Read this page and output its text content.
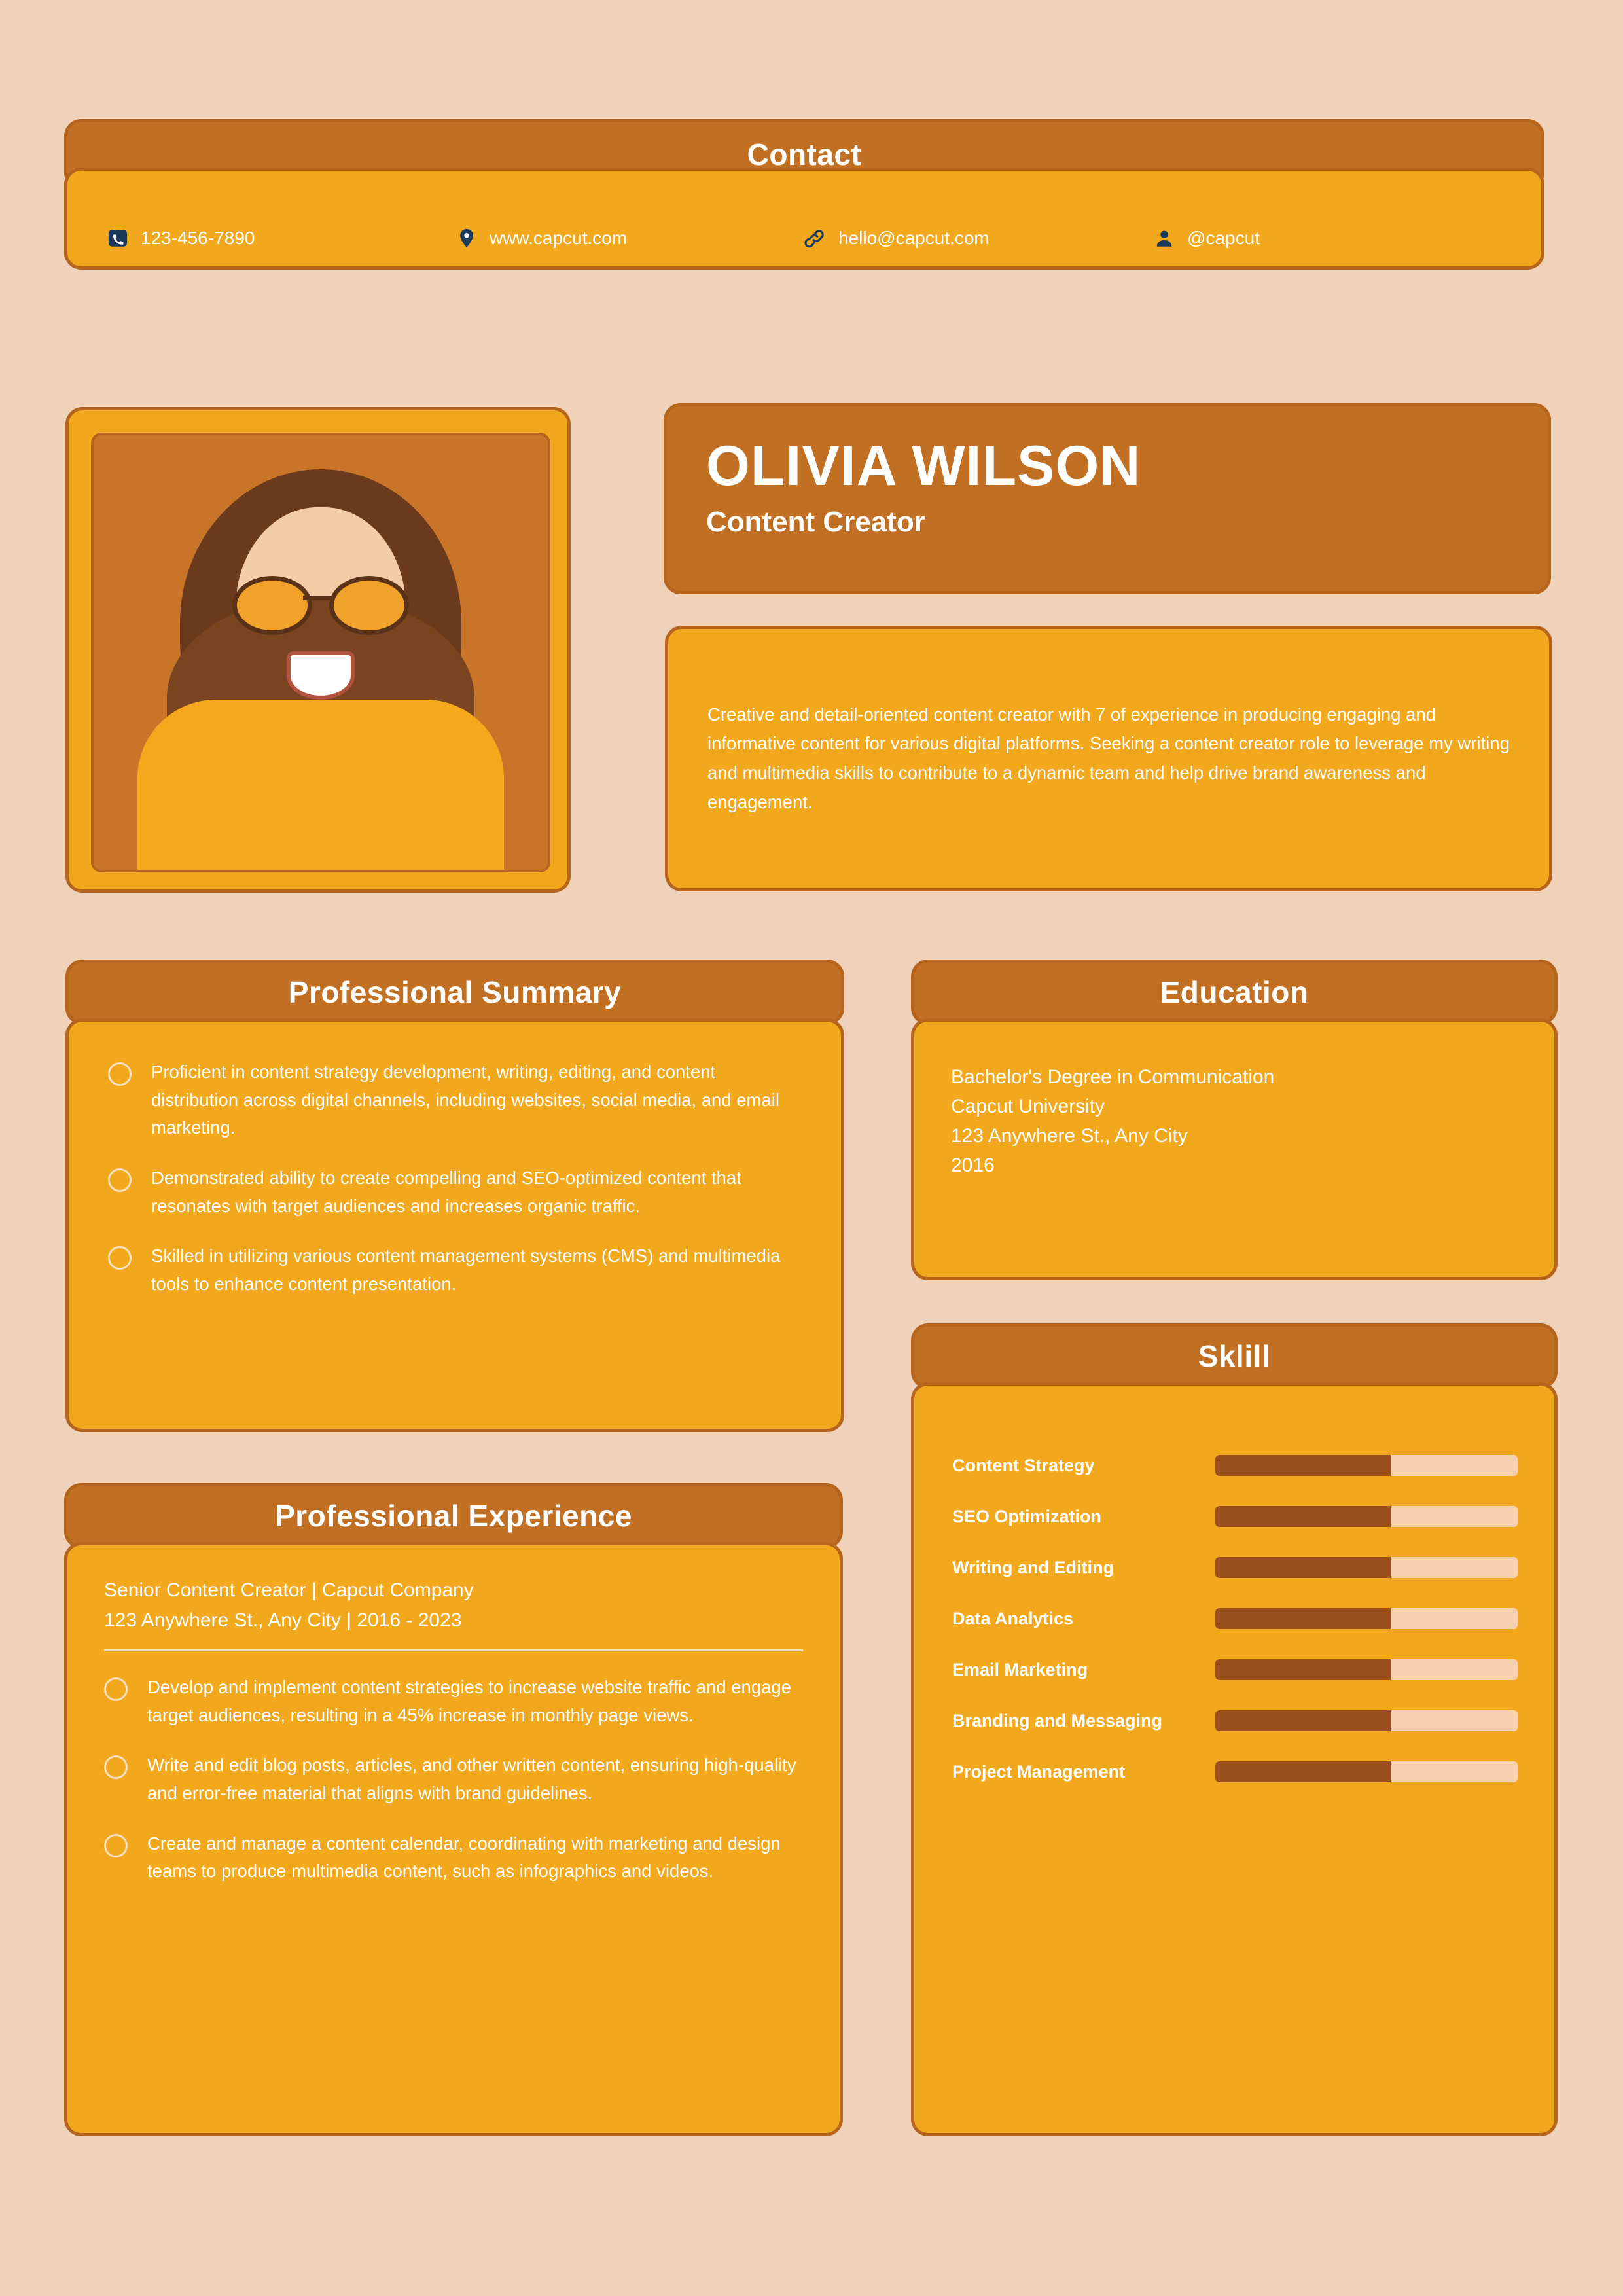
Contact
123-456-7890	www.capcut.com	hello@capcut.com	@capcut
OLIVIA WILSON
Content Creator

Creative and detail-oriented content creator with 7 of experience in producing engaging and informative content for various digital platforms. Seeking a content creator role to leverage my writing and multimedia skills to contribute to a dynamic team and help drive brand awareness and engagement.

Professional Summary
Proficient in content strategy development, writing, editing, and content distribution across digital channels, including websites, social media, and email marketing.
Demonstrated ability to create compelling and SEO-optimized content that resonates with target audiences and increases organic traffic.
Skilled in utilizing various content management systems (CMS) and multimedia tools to enhance content presentation.
Professional Experience
Senior Content Creator | Capcut Company
123 Anywhere St., Any City | 2016 - 2023
Develop and implement content strategies to increase website traffic and engage target audiences, resulting in a 45% increase in monthly page views.
Write and edit blog posts, articles, and other written content, ensuring high-quality and error-free material that aligns with brand guidelines.
Create and manage a content calendar, coordinating with marketing and design teams to produce multimedia content, such as infographics and videos.
Education
Bachelor's Degree in Communication
Capcut University
123 Anywhere St., Any City
2016
Sklill
Content Strategy
SEO Optimization
Writing and Editing
Data Analytics
Email Marketing
Branding and Messaging
Project Management
